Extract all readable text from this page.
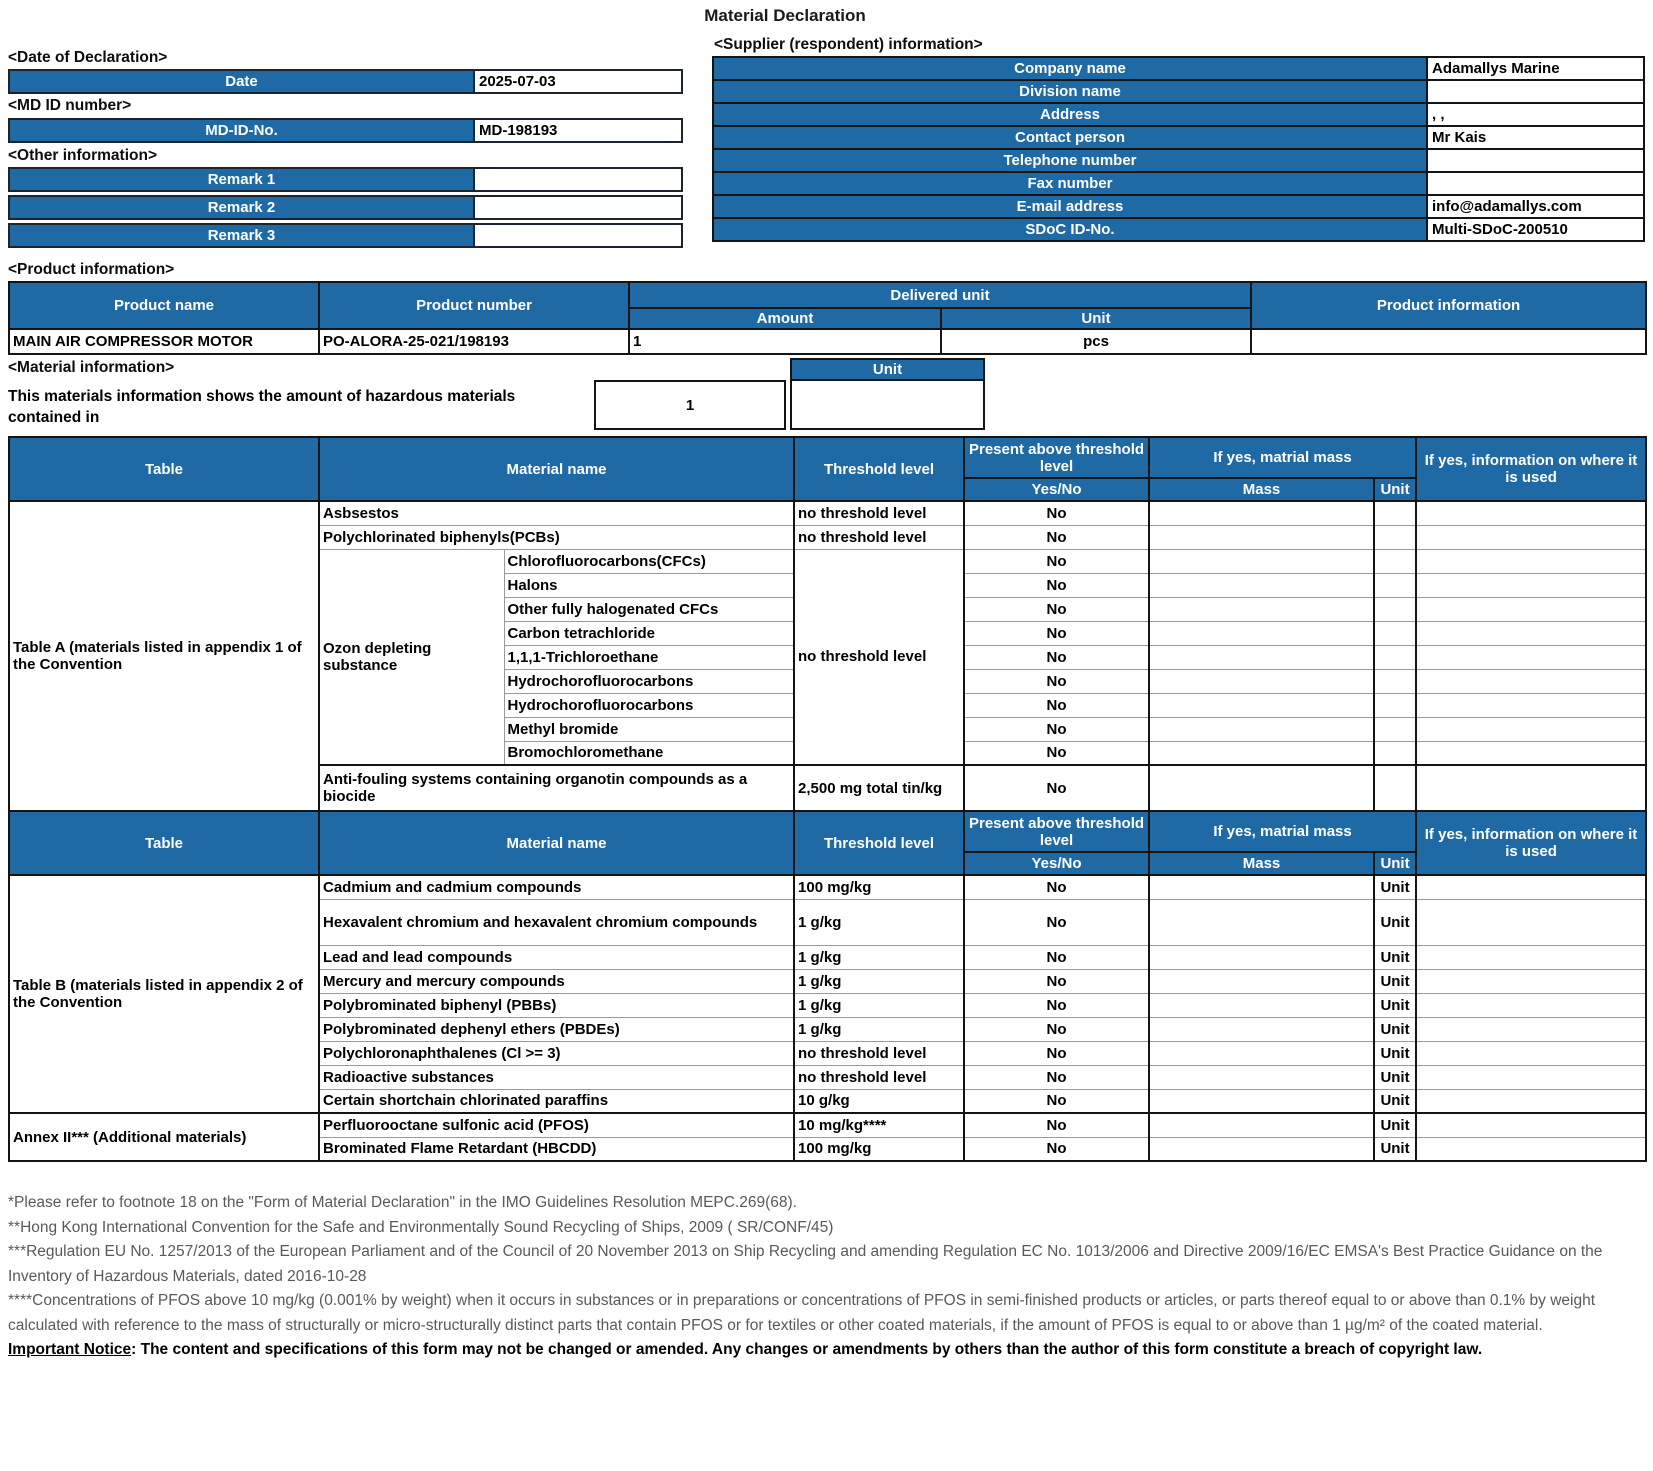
Material Declaration
<Date of Declaration>
Date	2025-07-03
<MD ID number>
MD-ID-No.	MD-198193
<Other information>
Remark 1
Remark 2
Remark 3
<Supplier (respondent) information>
Company name	Adamallys Marine
Division name
Address	, ,
Contact person	Mr Kais
Telephone number
Fax number
E-mail address	info@adamallys.com
SDoC ID-No.	Multi-SDoC-200510
<Product information>
Product name	Product number	Delivered unit		Product information
		Amount	Unit	
MAIN AIR COMPRESSOR MOTOR	PO-ALORA-25-021/198193	1	pcs	
<Material information>
This materials information shows the amount of hazardous materials contained in
1
Unit
Table	Material name		Threshold level	Present above threshold level	If yes, matrial mass		If yes, information on where it is used
				Yes/No	Mass	Unit	
Table A (materials listed in appendix 1 of the Convention	Asbsestos		no threshold level	No			
	Polychlorinated biphenyls(PCBs)		no threshold level	No			
	Ozon depleting substance	Chlorofluorocarbons(CFCs)	no threshold level	No			
		Halons		No			
		Other fully halogenated CFCs		No			
		Carbon tetrachloride		No			
		1,1,1-Trichloroethane		No			
		Hydrochorofluorocarbons		No			
		Hydrochorofluorocarbons		No			
		Methyl bromide		No			
		Bromochloromethane		No			
	Anti-fouling systems containing organotin compounds as a biocide		2,500 mg total tin/kg	No			
Table	Material name		Threshold level	Present above threshold level	If yes, matrial mass		If yes, information on where it is used
				Yes/No	Mass	Unit	
Table B (materials listed in appendix 2 of the Convention	Cadmium and cadmium compounds		100 mg/kg	No		Unit	
	Hexavalent chromium and hexavalent chromium compounds		1 g/kg	No		Unit	
	Lead and lead compounds		1 g/kg	No		Unit	
	Mercury and mercury compounds		1 g/kg	No		Unit	
	Polybrominated biphenyl (PBBs)		1 g/kg	No		Unit	
	Polybrominated dephenyl ethers (PBDEs)		1 g/kg	No		Unit	
	Polychloronaphthalenes (Cl >= 3)		no threshold level	No		Unit	
	Radioactive substances		no threshold level	No		Unit	
	Certain shortchain chlorinated paraffins		10 g/kg	No		Unit	
Annex II*** (Additional materials)	Perfluorooctane sulfonic acid (PFOS)		10 mg/kg****	No		Unit	
	Brominated Flame Retardant (HBCDD)		100 mg/kg	No		Unit	

*Please refer to footnote 18 on the "Form of Material Declaration" in the IMO Guidelines Resolution MEPC.269(68).

**Hong Kong International Convention for the Safe and Environmentally Sound Recycling of Ships, 2009 ( SR/CONF/45)

***Regulation EU No. 1257/2013 of the European Parliament and of the Council of 20 November 2013 on Ship Recycling and amending Regulation EC No. 1013/2006 and Directive 2009/16/EC EMSA's Best Practice Guidance on the Inventory of Hazardous Materials, dated 2016-10-28

****Concentrations of PFOS above 10 mg/kg (0.001% by weight) when it occurs in substances or in preparations or concentrations of PFOS in semi-finished products or articles, or parts thereof equal to or above than 0.1% by weight calculated with reference to the mass of structurally or micro-structurally distinct parts that contain PFOS or for textiles or other coated materials, if the amount of PFOS is equal to or above than 1 µg/m² of the coated material.

Important Notice: The content and specifications of this form may not be changed or amended. Any changes or amendments by others than the author of this form constitute a breach of copyright law.
